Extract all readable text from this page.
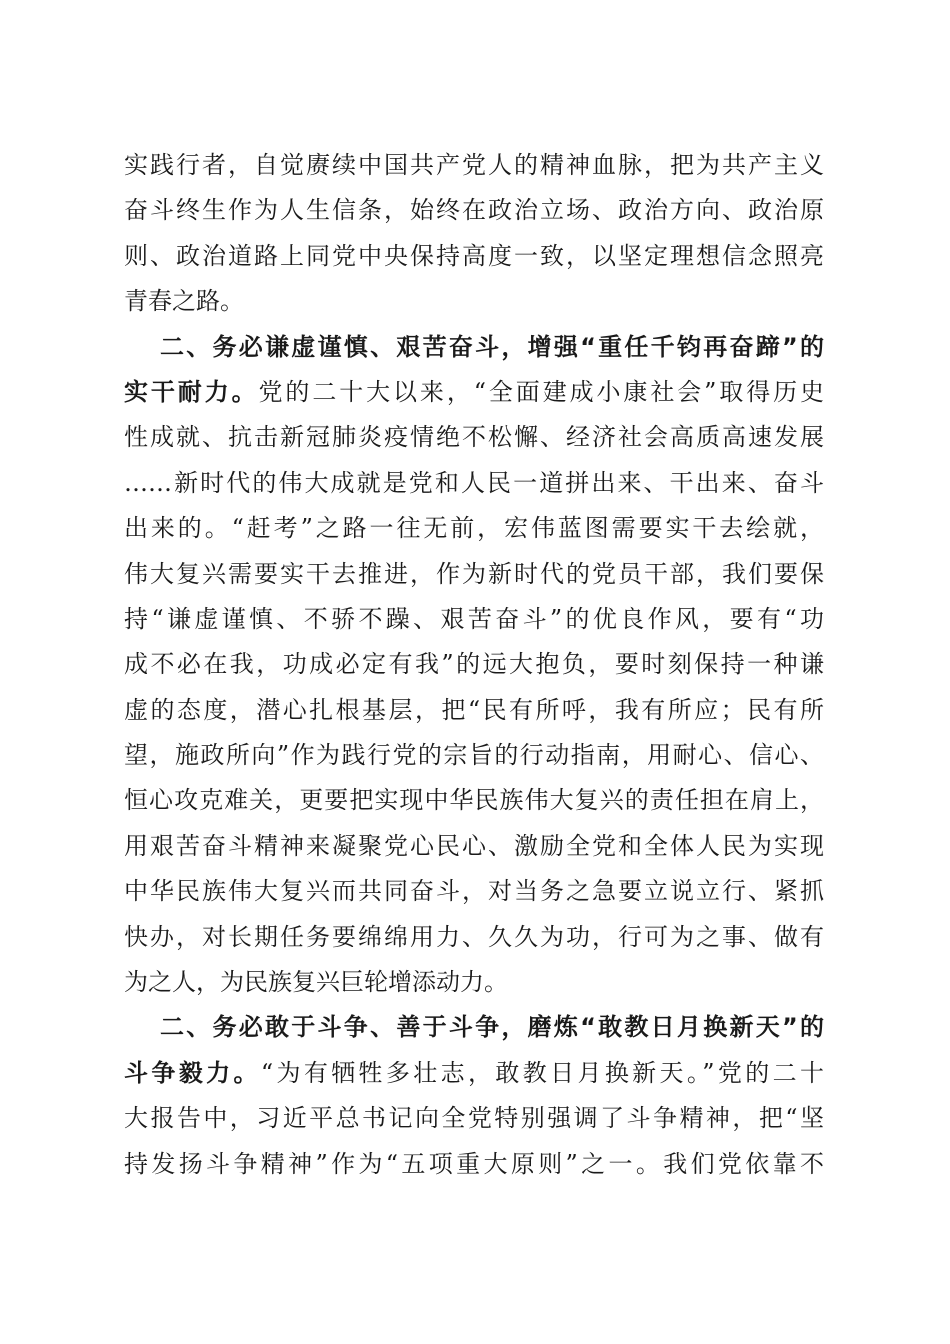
实践行者，自觉赓续中国共产党人的精神血脉，把为共产主义
奋斗终生作为人生信条，始终在政治立场、政治方向、政治原
则、政治道路上同党中央保持高度一致，以坚定理想信念照亮
青春之路。
二、务必谦虚谨慎、艰苦奋斗，增强“重任千钧再奋蹄”的
实干耐力。党的二十大以来，“全面建成小康社会”取得历史
性成就、抗击新冠肺炎疫情绝不松懈、经济社会高质高速发展
……新时代的伟大成就是党和人民一道拼出来、干出来、奋斗
出来的。“赶考”之路一往无前，宏伟蓝图需要实干去绘就，
伟大复兴需要实干去推进，作为新时代的党员干部，我们要保
持“谦虚谨慎、不骄不躁、艰苦奋斗”的优良作风，要有“功
成不必在我，功成必定有我”的远大抱负，要时刻保持一种谦
虚的态度，潜心扎根基层，把“民有所呼，我有所应；民有所
望，施政所向”作为践行党的宗旨的行动指南，用耐心、信心、
恒心攻克难关，更要把实现中华民族伟大复兴的责任担在肩上，
用艰苦奋斗精神来凝聚党心民心、激励全党和全体人民为实现
中华民族伟大复兴而共同奋斗，对当务之急要立说立行、紧抓
快办，对长期任务要绵绵用力、久久为功，行可为之事、做有
为之人，为民族复兴巨轮增添动力。
二、务必敢于斗争、善于斗争，磨炼“敢教日月换新天”的
斗争毅力。“为有牺牲多壮志，敢教日月换新天。”党的二十
大报告中，习近平总书记向全党特别强调了斗争精神，把“坚
持发扬斗争精神”作为“五项重大原则”之一。我们党依靠不
